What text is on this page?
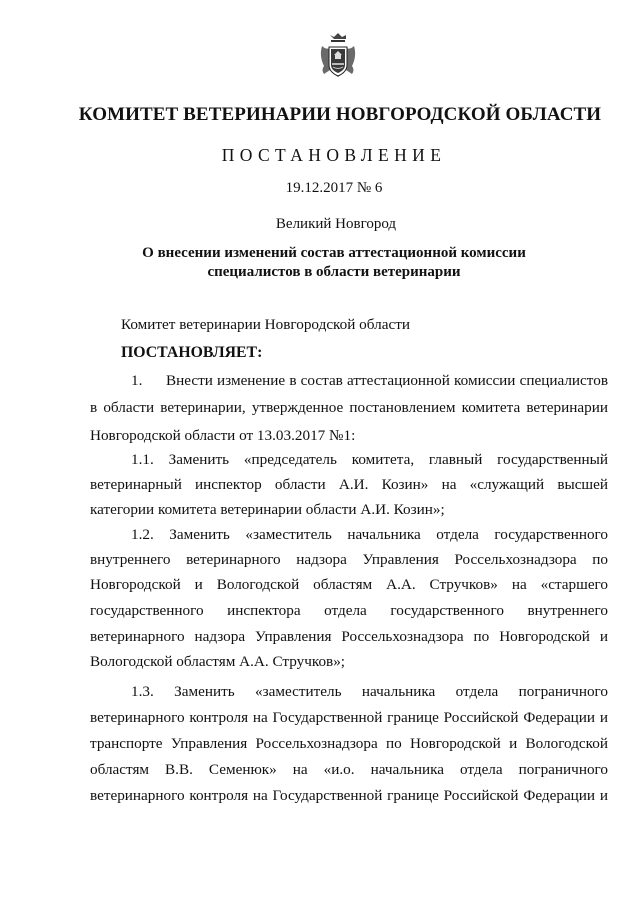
КОМИТЕТ ВЕТЕРИНАРИИ НОВГОРОДСКОЙ ОБЛАСТИ
ПОСТАНОВЛЕНИЕ
19.12.2017 № 6
Великий Новгород
О внесении изменений состав аттестационной комиссии
специалистов в области ветеринарии
Комитет ветеринарии Новгородской области
ПОСТАНОВЛЯЕТ:
1. Внести изменение в состав аттестационной комиссии специалистов
в области ветеринарии, утвержденное постановлением комитета ветеринарии
Новгородской области от 13.03.2017 №1:
1.1. Заменить «председатель комитета, главный государственный
ветеринарный инспектор области А.И. Козин» на «служащий высшей
категории комитета ветеринарии области А.И. Козин»;
1.2. Заменить «заместитель начальника отдела государственного
внутреннего ветеринарного надзора Управления Россельхознадзора по
Новгородской и Вологодской областям А.А. Стручков» на «старшего
государственного инспектора отдела государственного внутреннего
ветеринарного надзора Управления Россельхознадзора по Новгородской и
Вологодской областям А.А. Стручков»;
1.3. Заменить «заместитель начальника отдела пограничного
ветеринарного контроля на Государственной границе Российской Федерации и
транспорте Управления Россельхознадзора по Новгородской и Вологодской
областям В.В. Семенюк» на «и.о. начальника отдела пограничного
ветеринарного контроля на Государственной границе Российской Федерации и
